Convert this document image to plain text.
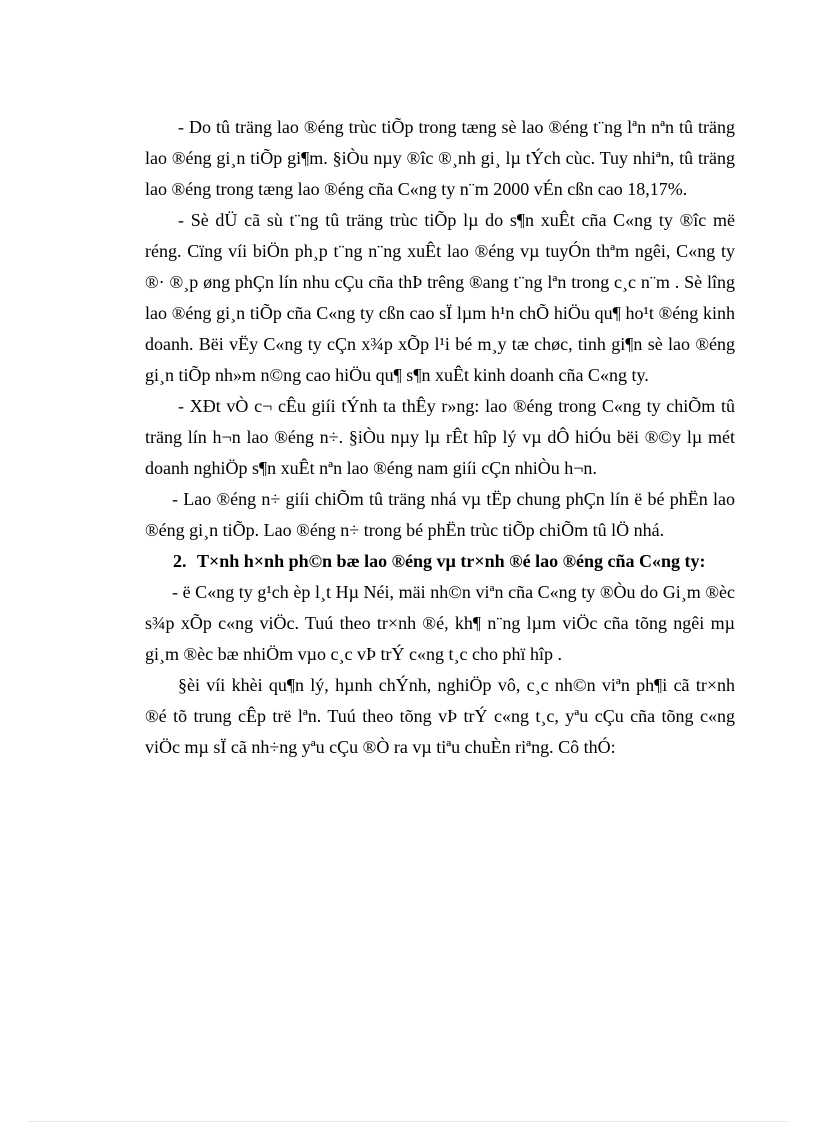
- Do tû träng lao ®éng trùc tiÕp trong tæng sè lao ®éng t¨ng lªn nªn tû träng lao ®éng gi¸n tiÕp gi¶m. §iÒu nµy ®îc ®¸nh gi¸ lµ tÝch cùc. Tuy nhiªn, tû träng lao ®éng trong tæng lao ®éng cña C«ng ty n¨m 2000 vÉn cßn cao 18,17%.

- Sè dÜ cã sù t¨ng tû träng trùc tiÕp lµ do s¶n xuÊt cña C«ng ty ®îc më réng. Cïng víi biÖn ph¸p t¨ng n¨ng xuÊt lao ®éng vµ tuyÓn thªm ngêi, C«ng ty ®· ®¸p øng phÇn lín nhu cÇu cña thÞ trêng ®ang t¨ng lªn trong c¸c n¨m . Sè lîng lao ®éng gi¸n tiÕp cña C«ng ty cßn cao sÏ lµm h¹n chÕ hiÖu qu¶ ho¹t ®éng kinh doanh. Bëi vËy C«ng ty cÇn x¾p xÕp l¹i bé m¸y tæ chøc, tinh gi¶n sè lao ®éng gi¸n tiÕp nh»m n©ng cao hiÖu qu¶ s¶n xuÊt kinh doanh cña C«ng ty.

- XÐt vÒ c¬ cÊu giíi tÝnh ta thÊy r»ng: lao ®éng trong C«ng ty chiÕm tû träng lín h¬n lao ®éng n÷. §iÒu nµy lµ rÊt hîp lý vµ dÔ hiÓu bëi ®©y lµ mét doanh nghiÖp s¶n xuÊt nªn lao ®éng nam giíi cÇn nhiÒu h¬n.

- Lao ®éng n÷ giíi chiÕm tû träng nhá vµ tËp chung phÇn lín ë bé phËn lao ®éng gi¸n tiÕp. Lao ®éng n÷ trong bé phËn trùc tiÕp chiÕm tû lÖ nhá.

2. T×nh h×nh ph©n bæ lao ®éng vµ tr×nh ®é lao ®éng cña C«ng ty:

- ë C«ng ty g¹ch èp l¸t Hµ Néi, mäi nh©n viªn cña C«ng ty ®Òu do Gi¸m ®èc s¾p xÕp c«ng viÖc. Tuú theo tr×nh ®é, kh¶ n¨ng lµm viÖc cña tõng ngêi mµ gi¸m ®èc bæ nhiÖm vµo c¸c vÞ trÝ c«ng t¸c cho phï hîp .

§èi víi khèi qu¶n lý, hµnh chÝnh, nghiÖp vô, c¸c nh©n viªn ph¶i cã tr×nh ®é tõ trung cÊp trë lªn. Tuú theo tõng vÞ trÝ c«ng t¸c, yªu cÇu cña tõng c«ng viÖc mµ sÏ cã nh÷ng yªu cÇu ®Ò ra vµ tiªu chuÈn riªng. Cô thÓ:
